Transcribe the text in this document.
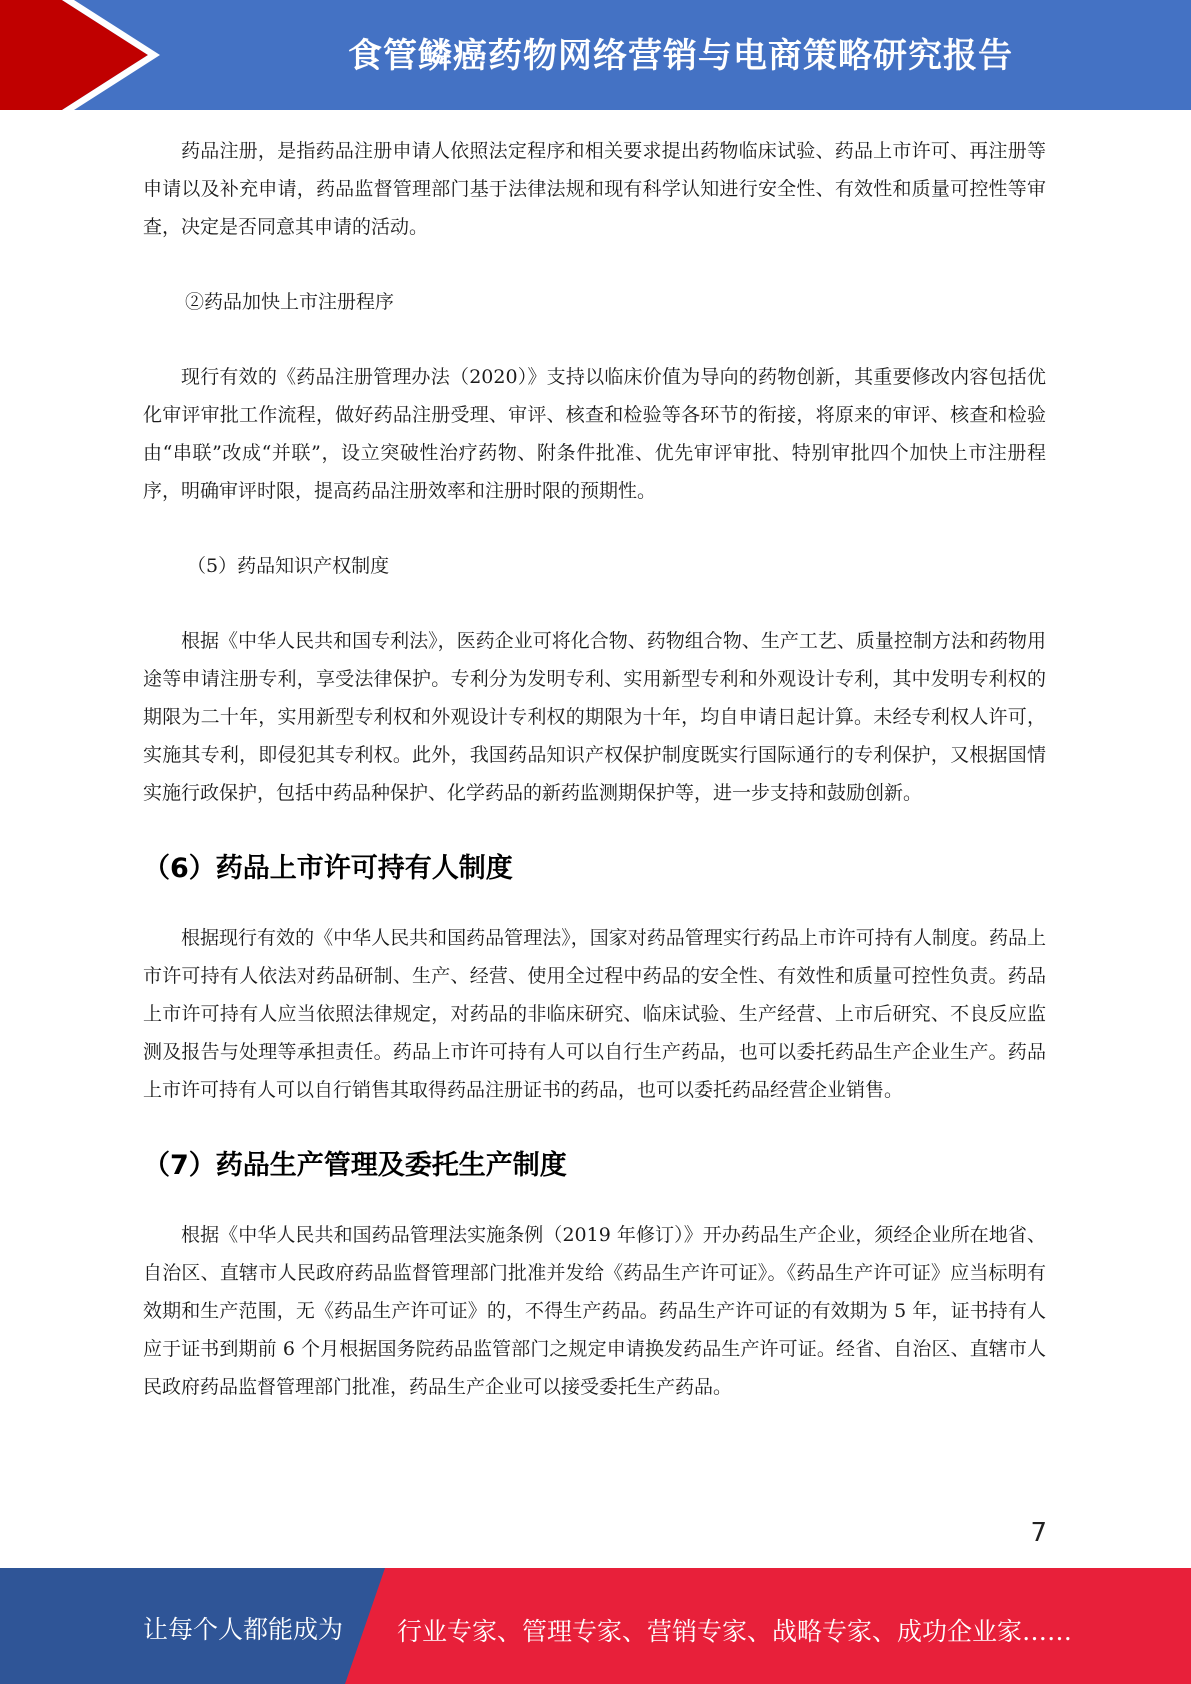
食管鳞癌药物网络营销与电商策略研究报告

药品注册，是指药品注册申请人依照法定程序和相关要求提出药物临床试验、药品上市许可、再注册等申请以及补充申请，药品监督管理部门基于法律法规和现有科学认知进行安全性、有效性和质量可控性等审查，决定是否同意其申请的活动。

②药品加快上市注册程序

现行有效的《药品注册管理办法（2020）》支持以临床价值为导向的药物创新，其重要修改内容包括优化审评审批工作流程，做好药品注册受理、审评、核查和检验等各环节的衔接，将原来的审评、核查和检验由“串联”改成“并联”，设立突破性治疗药物、附条件批准、优先审评审批、特别审批四个加快上市注册程序，明确审评时限，提高药品注册效率和注册时限的预期性。

（5）药品知识产权制度

根据《中华人民共和国专利法》，医药企业可将化合物、药物组合物、生产工艺、质量控制方法和药物用途等申请注册专利，享受法律保护。专利分为发明专利、实用新型专利和外观设计专利，其中发明专利权的期限为二十年，实用新型专利权和外观设计专利权的期限为十年，均自申请日起计算。未经专利权人许可，实施其专利，即侵犯其专利权。此外，我国药品知识产权保护制度既实行国际通行的专利保护，又根据国情实施行政保护，包括中药品种保护、化学药品的新药监测期保护等，进一步支持和鼓励创新。

（6）药品上市许可持有人制度

根据现行有效的《中华人民共和国药品管理法》，国家对药品管理实行药品上市许可持有人制度。药品上市许可持有人依法对药品研制、生产、经营、使用全过程中药品的安全性、有效性和质量可控性负责。药品上市许可持有人应当依照法律规定，对药品的非临床研究、临床试验、生产经营、上市后研究、不良反应监测及报告与处理等承担责任。药品上市许可持有人可以自行生产药品，也可以委托药品生产企业生产。药品上市许可持有人可以自行销售其取得药品注册证书的药品，也可以委托药品经营企业销售。

（7）药品生产管理及委托生产制度

根据《中华人民共和国药品管理法实施条例（2019 年修订）》开办药品生产企业，须经企业所在地省、自治区、直辖市人民政府药品监督管理部门批准并发给《药品生产许可证》。《药品生产许可证》应当标明有效期和生产范围，无《药品生产许可证》的，不得生产药品。药品生产许可证的有效期为 5 年，证书持有人应于证书到期前 6 个月根据国务院药品监管部门之规定申请换发药品生产许可证。经省、自治区、直辖市人民政府药品监督管理部门批准，药品生产企业可以接受委托生产药品。

7
让每个人都能成为 行业专家、管理专家、营销专家、战略专家、成功企业家……
